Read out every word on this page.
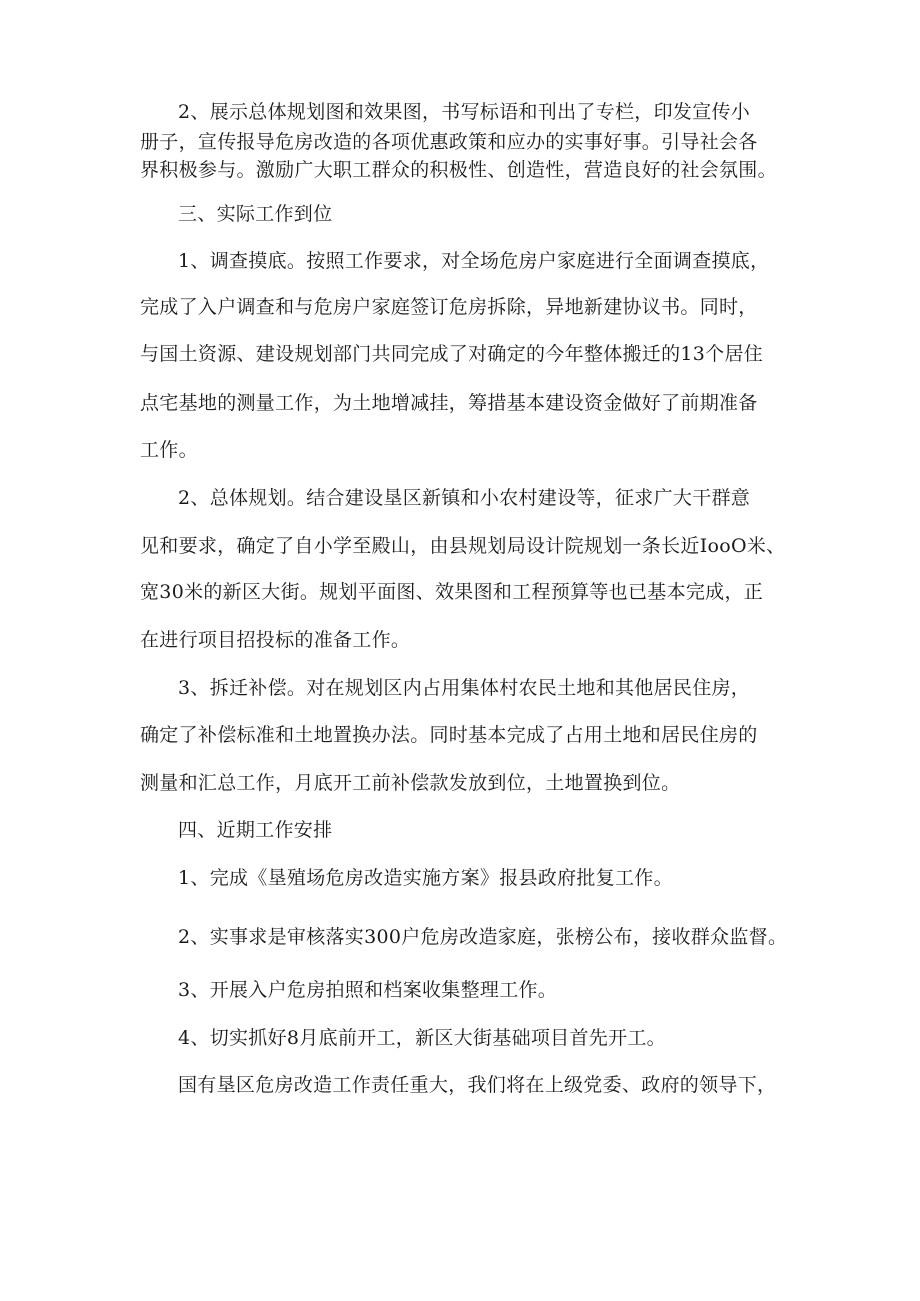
2、展示总体规划图和效果图，书写标语和刊出了专栏，印发宣传小
册子，宣传报导危房改造的各项优惠政策和应办的实事好事。引导社会各
界积极参与。激励广大职工群众的积极性、创造性，营造良好的社会氛围。
三、实际工作到位
1、调查摸底。按照工作要求，对全场危房户家庭进行全面调查摸底，
完成了入户调查和与危房户家庭签订危房拆除，异地新建协议书。同时，
与国土资源、建设规划部门共同完成了对确定的今年整体搬迁的13个居住
点宅基地的测量工作，为土地增减挂，筹措基本建设资金做好了前期准备
工作。
2、总体规划。结合建设垦区新镇和小农村建设等，征求广大干群意
见和要求，确定了自小学至殿山，由县规划局设计院规划一条长近IooO米、
宽30米的新区大街。规划平面图、效果图和工程预算等也已基本完成，正
在进行项目招投标的准备工作。
3、拆迁补偿。对在规划区内占用集体村农民土地和其他居民住房，
确定了补偿标准和土地置换办法。同时基本完成了占用土地和居民住房的
测量和汇总工作，月底开工前补偿款发放到位，土地置换到位。
四、近期工作安排
1、完成《垦殖场危房改造实施方案》报县政府批复工作。
2、实事求是审核落实300户危房改造家庭，张榜公布，接收群众监督。
3、开展入户危房拍照和档案收集整理工作。
4、切实抓好8月底前开工，新区大街基础项目首先开工。
国有垦区危房改造工作责任重大，我们将在上级党委、政府的领导下，
